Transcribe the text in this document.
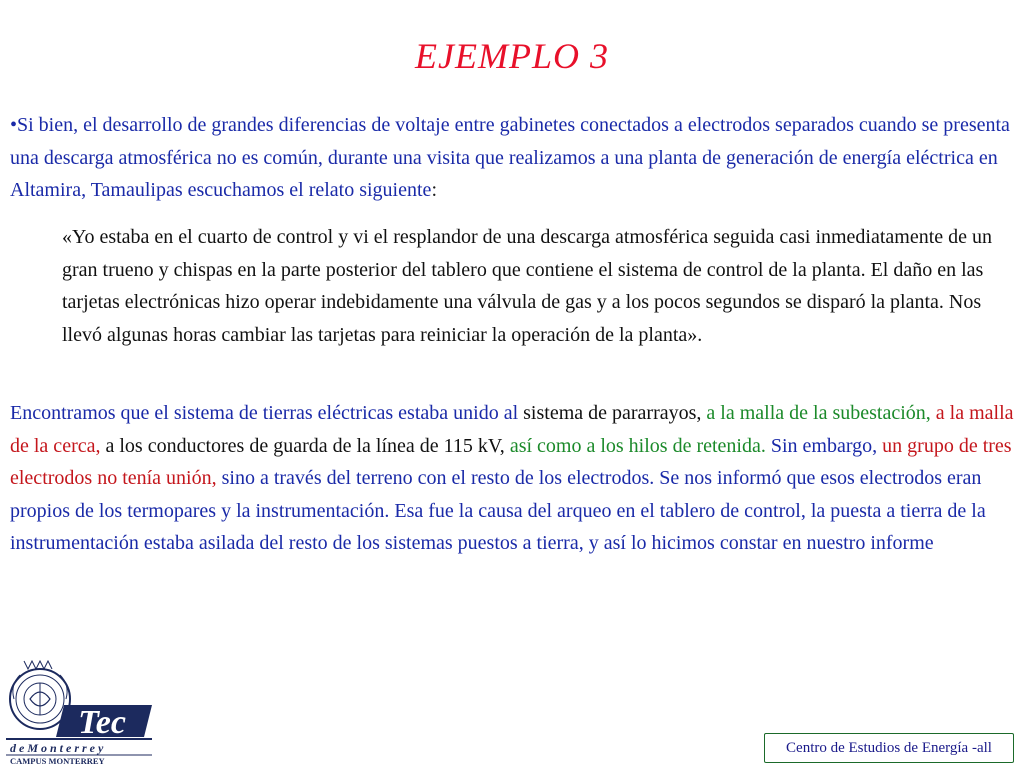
EJEMPLO 3
•Si bien, el desarrollo de grandes diferencias de voltaje entre gabinetes conectados a electrodos separados cuando se presenta una descarga atmosférica no es común, durante una visita que realizamos a una planta de generación de energía eléctrica en Altamira, Tamaulipas escuchamos el relato siguiente:
«Yo estaba en el cuarto de control y vi el resplandor de una descarga atmosférica seguida casi inmediatamente de un gran trueno y chispas en la parte posterior del tablero que contiene el sistema de control de la planta. El daño en las tarjetas electrónicas hizo operar indebidamente una válvula de gas y a los pocos segundos se disparó la planta. Nos llevó algunas horas cambiar las tarjetas para reiniciar la operación de la planta».
Encontramos que el sistema de tierras eléctricas estaba unido al sistema de pararrayos, a la malla de la subestación, a la malla de la cerca, a los conductores de guarda de la línea de 115 kV, así como a los hilos de retenida. Sin embargo, un grupo de tres electrodos no tenía unión, sino a través del terreno con el resto de los electrodos. Se nos informó que esos electrodos eran propios de los termopares y la instrumentación. Esa fue la causa del arqueo en el tablero de control, la puesta a tierra de la instrumentación estaba asilada del resto de los sistemas puestos a tierra, y así lo hicimos constar en nuestro informe
Tec
d e M o n t e r r e y
CAMPUS MONTERREY
Centro de Estudios de Energía -all
